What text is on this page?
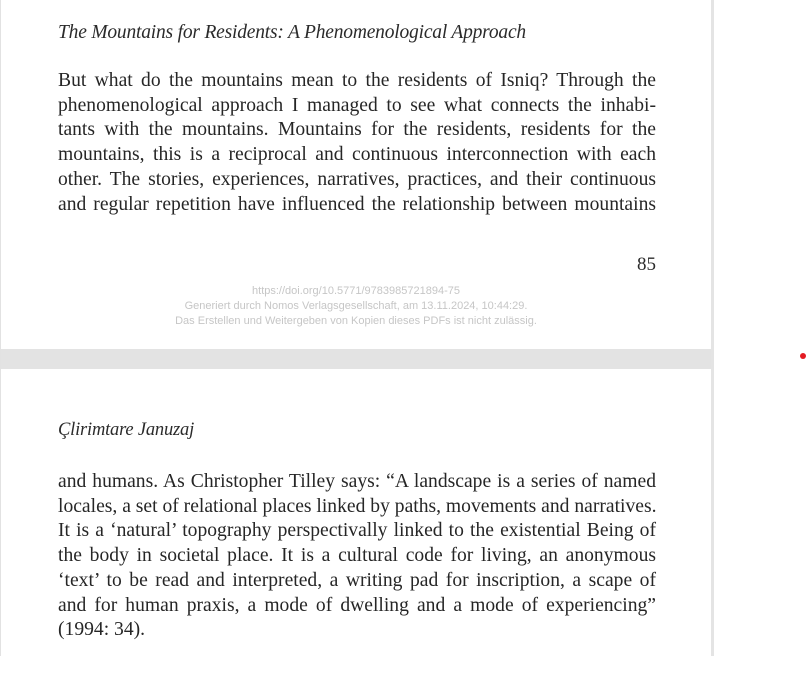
The Mountains for Residents: A Phenomenological Approach
But what do the mountains mean to the residents of Isniq? Through the
phenomenological approach I managed to see what connects the inhabi-
tants with the mountains. Mountains for the residents, residents for the
mountains, this is a reciprocal and continuous interconnection with each
other. The stories, experiences, narratives, practices, and their continuous
and regular repetition have influenced the relationship between mountains
85
https://doi.org/10.5771/9783985721894-75
Generiert durch Nomos Verlagsgesellschaft, am 13.11.2024, 10:44:29.
Das Erstellen und Weitergeben von Kopien dieses PDFs ist nicht zulässig.
Çlirimtare Januzaj
and humans. As Christopher Tilley says: “A landscape is a series of named
locales, a set of relational places linked by paths, movements and narratives.
It is a ‘natural’ topography perspectivally linked to the existential Being of
the body in societal place. It is a cultural code for living, an anonymous
‘text’ to be read and interpreted, a writing pad for inscription, a scape of
and for human praxis, a mode of dwelling and a mode of experiencing”
(1994: 34).
